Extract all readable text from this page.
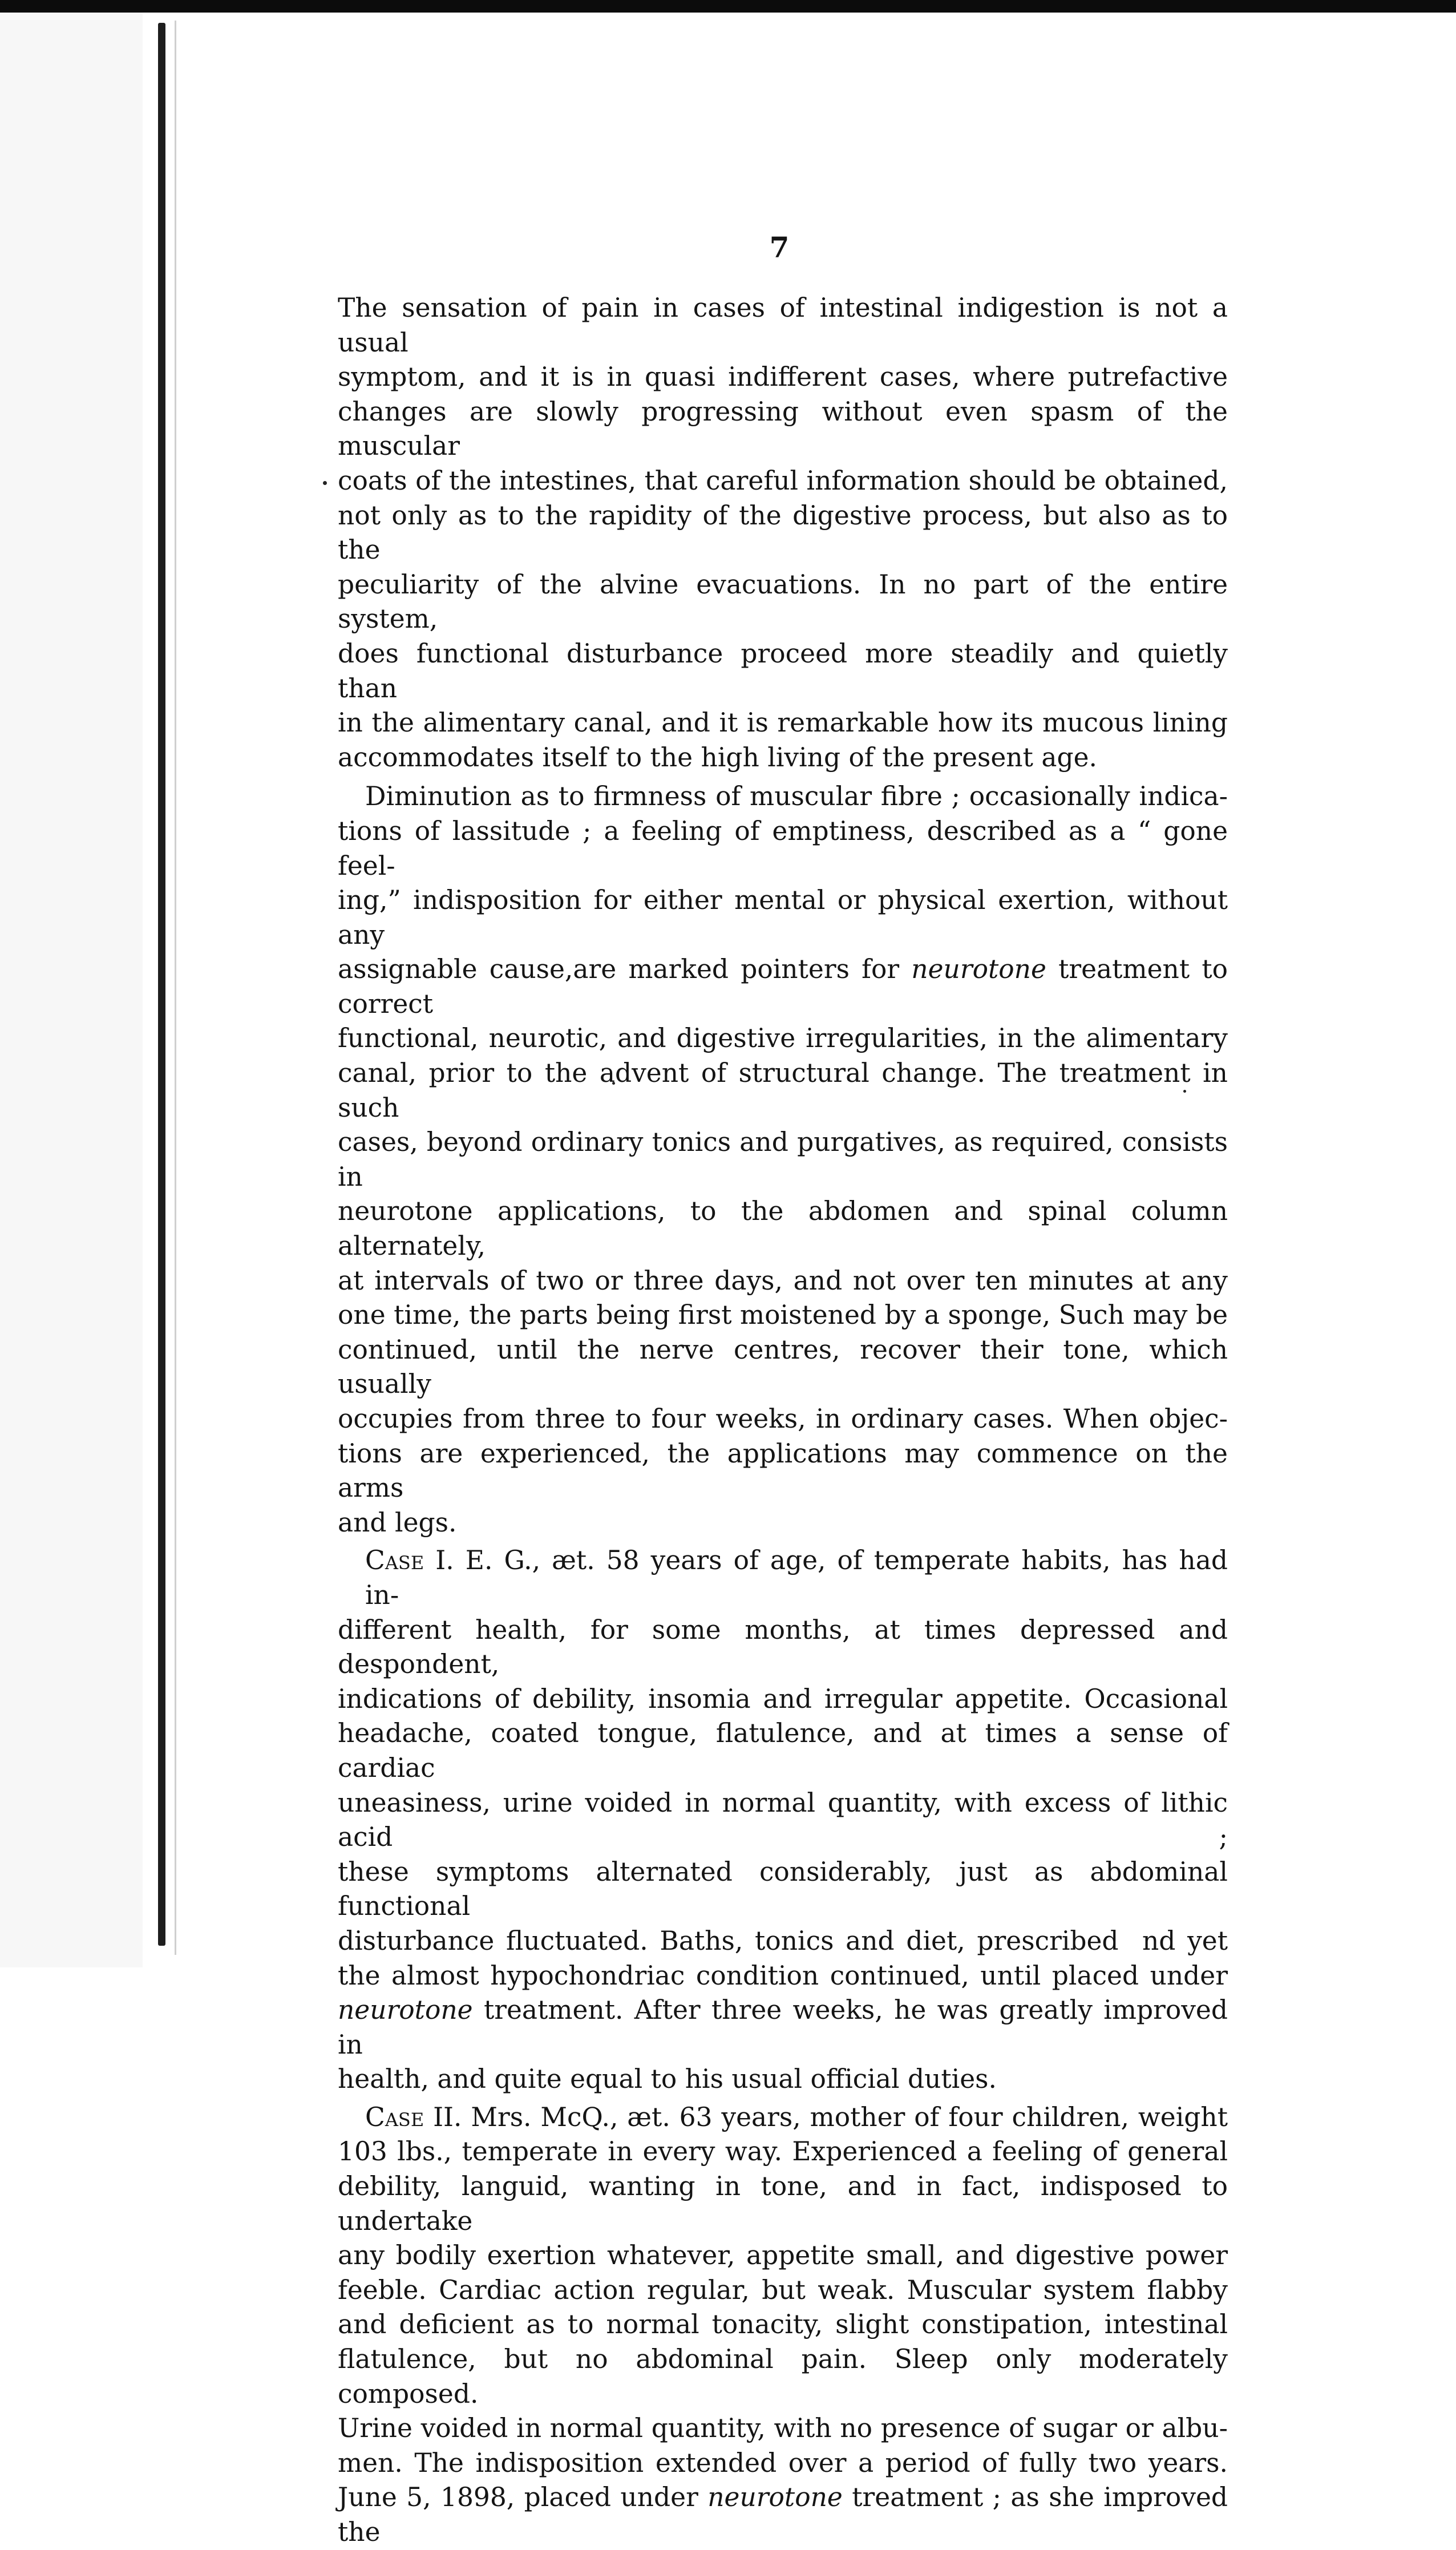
7

The sensation of pain in cases of intestinal indigestion is not a usual
symptom, and it is in quasi indifferent cases, where putrefactive
changes are slowly progressing without even spasm of the muscular
coats of the intestines, that careful information should be obtained,
not only as to the rapidity of the digestive process, but also as to the
peculiarity of the alvine evacuations. In no part of the entire system,
does functional disturbance proceed more steadily and quietly than
in the alimentary canal, and it is remarkable how its mucous lining
accommodates itself to the high living of the present age.

Diminution as to firmness of muscular fibre ; occasionally indica-
tions of lassitude ; a feeling of emptiness, described as a “ gone feel-
ing,” indisposition for either mental or physical exertion, without any
assignable cause,are marked pointers for neurotone treatment to correct
functional, neurotic, and digestive irregularities, in the alimentary
canal, prior to the advent of structural change. The treatment in such
cases, beyond ordinary tonics and purgatives, as required, consists in
neurotone applications, to the abdomen and spinal column alternately,
at intervals of two or three days, and not over ten minutes at any
one time, the parts being first moistened by a sponge, Such may be
continued, until the nerve centres, recover their tone, which usually
occupies from three to four weeks, in ordinary cases. When objec-
tions are experienced, the applications may commence on the arms
and legs.

Case I. E. G., æt. 58 years of age, of temperate habits, has had in-
different health, for some months, at times depressed and despondent,
indications of debility, insomia and irregular appetite. Occasional
headache, coated tongue, flatulence, and at times a sense of cardiac
uneasiness, urine voided in normal quantity, with excess of lithic acid ;
these symptoms alternated considerably, just as abdominal functional
disturbance fluctuated. Baths, tonics and diet, prescribed  nd yet
the almost hypochondriac condition continued, until placed under
neurotone treatment. After three weeks, he was greatly improved in
health, and quite equal to his usual official duties.

Case II. Mrs. McQ., æt. 63 years, mother of four children, weight
103 lbs., temperate in every way. Experienced a feeling of general
debility, languid, wanting in tone, and in fact, indisposed to undertake
any bodily exertion whatever, appetite small, and digestive power
feeble. Cardiac action regular, but weak. Muscular system flabby
and deficient as to normal tonacity, slight constipation, intestinal
flatulence, but no abdominal pain. Sleep only moderately composed.
Urine voided in normal quantity, with no presence of sugar or albu-
men. The indisposition extended over a period of fully two years.
June 5, 1898, placed under neurotone treatment ; as she improved the
